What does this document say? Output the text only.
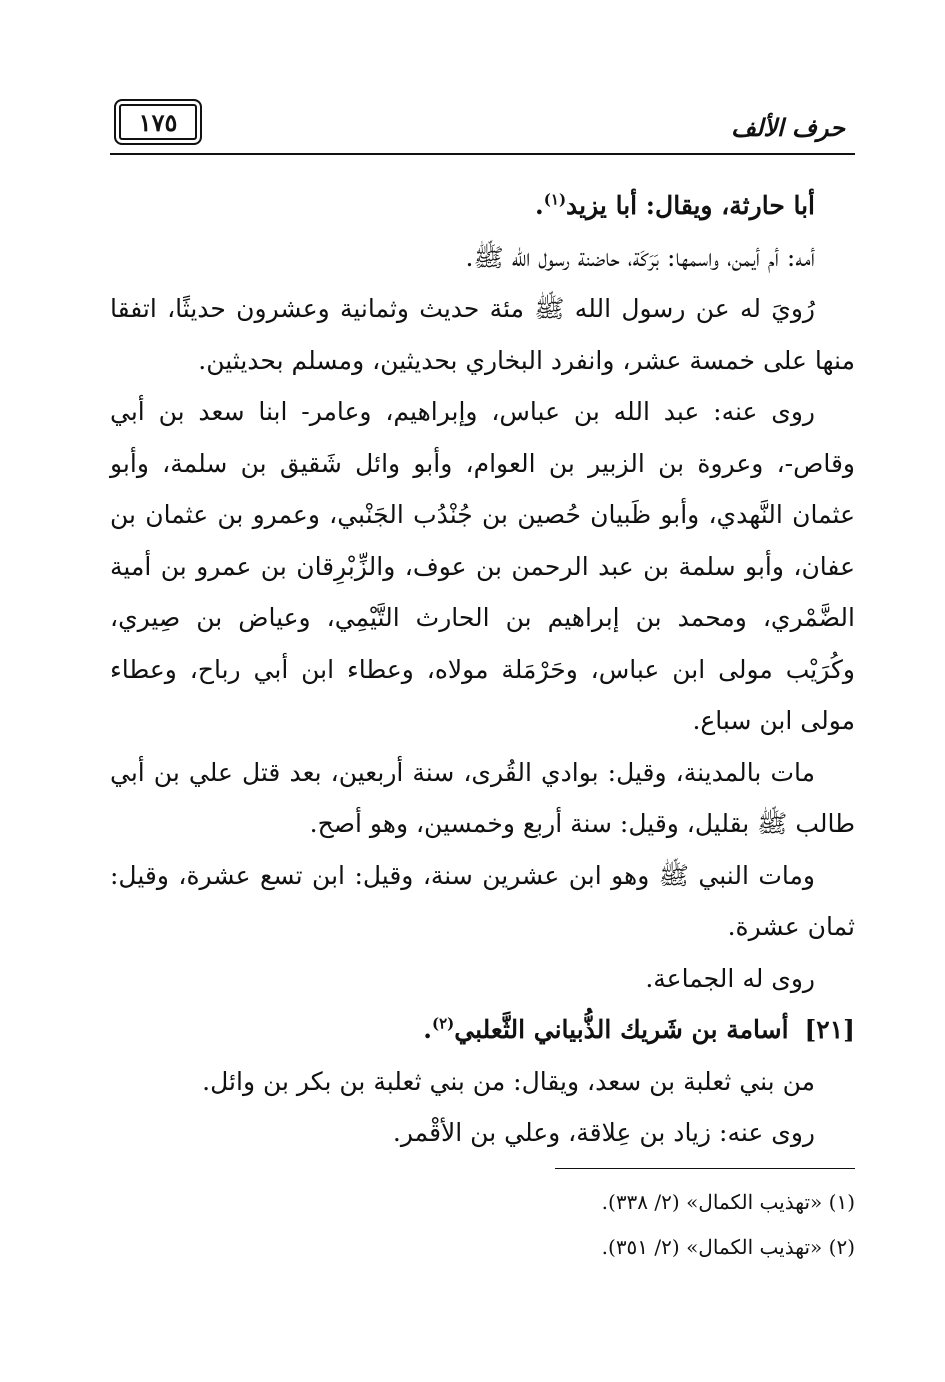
١٧٥	حرف الألف

أبا حارثة، ويقال: أبا يزيد$^{(١)}$.

أمه: أم أيمن، واسمها: بَرَكَة، حاضنة رسول الله ﷺ.

رُويَ له عن رسول الله ﷺ مئة حديث وثمانية وعشرون حديثًا، اتفقا منها على خمسة عشر، وانفرد البخاري بحديثين، ومسلم بحديثين.

روى عنه: عبد الله بن عباس، وإبراهيم، وعامر- ابنا سعد بن أبي وقاص-، وعروة بن الزبير بن العوام، وأبو وائل شَقيق بن سلمة، وأبو عثمان النَّهدي، وأبو ظَبيان حُصين بن جُنْدُب الجَنْبي، وعمرو بن عثمان بن عفان، وأبو سلمة بن عبد الرحمن بن عوف، والزِّبْرِقان بن عمرو بن أمية الضَّمْري، ومحمد بن إبراهيم بن الحارث التَّيْمِي، وعياض بن صِيري، وكُرَيْب مولى ابن عباس، وحَرْمَلة مولاه، وعطاء ابن أبي رباح، وعطاء مولى ابن سباع.

مات بالمدينة، وقيل: بوادي القُرى، سنة أربعين، بعد قتل علي بن أبي طالب ﷺ بقليل، وقيل: سنة أربع وخمسين، وهو أصح.

ومات النبي ﷺ وهو ابن عشرين سنة، وقيل: ابن تسع عشرة، وقيل: ثمان عشرة.

روى له الجماعة.

[٢١]  أسامة بن شَريك الذُّبياني الثَّعلبي$^{(٢)}$.

من بني ثعلبة بن سعد، ويقال: من بني ثعلبة بن بكر بن وائل.

روى عنه: زياد بن عِلاقة، وعلي بن الأقْمر.

(١) «تهذيب الكمال» (٢/ ٣٣٨).

(٢) «تهذيب الكمال» (٢/ ٣٥١).
